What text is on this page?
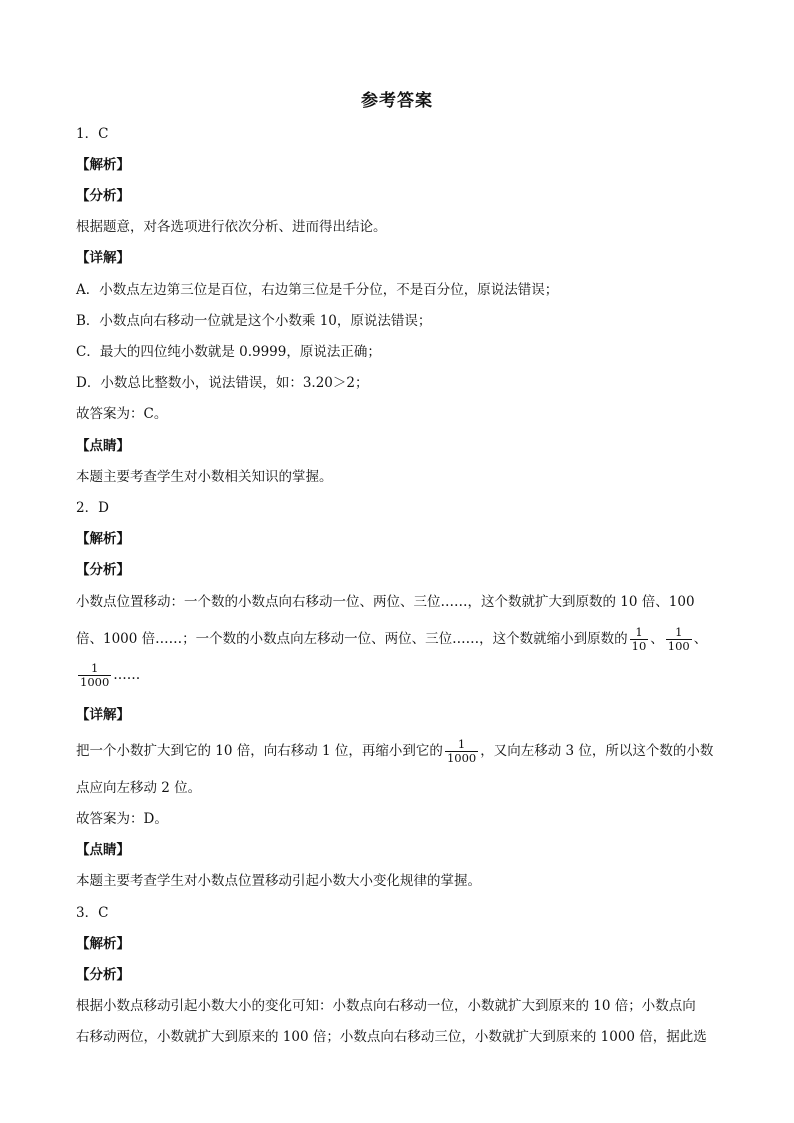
参考答案
1．C
【解析】
【分析】
根据题意，对各选项进行依次分析、进而得出结论。
【详解】
A．小数点左边第三位是百位，右边第三位是千分位，不是百分位，原说法错误；
B．小数点向右移动一位就是这个小数乘 10，原说法错误；
C．最大的四位纯小数就是 0.9999，原说法正确；
D．小数总比整数小，说法错误，如：3.20＞2；
故答案为：C。
【点睛】
本题主要考查学生对小数相关知识的掌握。
2．D
【解析】
【分析】
小数点位置移动：一个数的小数点向右移动一位、两位、三位……，这个数就扩大到原数的 10 倍、100
倍、1000 倍……；一个数的小数点向左移动一位、两位、三位……，这个数就缩小到原数的 $\frac{1}{10}$ 、 $\frac{1}{100}$ 、
$\frac{1}{1000}$ ……
【详解】
把一个小数扩大到它的 10 倍，向右移动 1 位，再缩小到它的 $\frac{1}{1000}$ ，又向左移动 3 位，所以这个数的小数
点应向左移动 2 位。
故答案为：D。
【点睛】
本题主要考查学生对小数点位置移动引起小数大小变化规律的掌握。
3．C
【解析】
【分析】
根据小数点移动引起小数大小的变化可知：小数点向右移动一位，小数就扩大到原来的 10 倍；小数点向
右移动两位，小数就扩大到原来的 100 倍；小数点向右移动三位，小数就扩大到原来的 1000 倍，据此选
